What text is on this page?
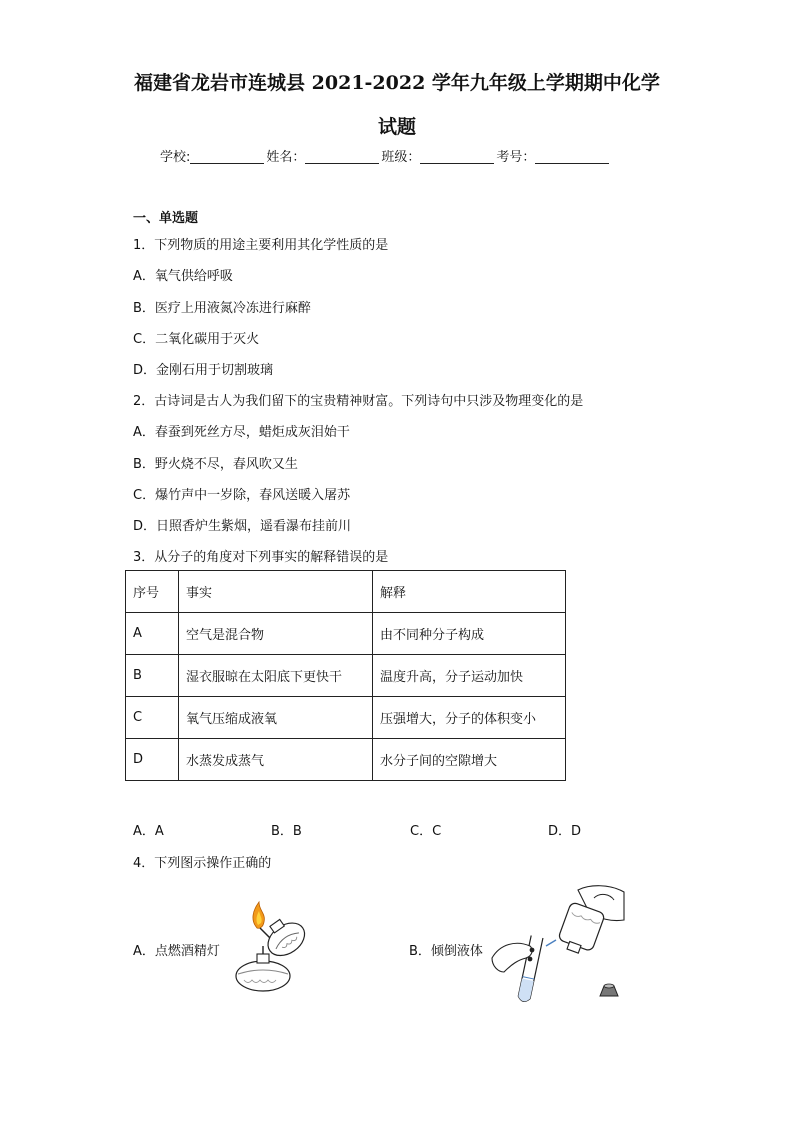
福建省龙岩市连城县 2021-2022 学年九年级上学期期中化学
试题
学校:	姓名：	班级：	考号：
一、单选题
1．下列物质的用途主要利用其化学性质的是
A．氧气供给呼吸
B．医疗上用液氮冷冻进行麻醉
C．二氧化碳用于灭火
D．金刚石用于切割玻璃
2．古诗词是古人为我们留下的宝贵精神财富。下列诗句中只涉及物理变化的是
A．春蚕到死丝方尽，蜡炬成灰泪始干
B．野火烧不尽，春风吹又生
C．爆竹声中一岁除，春风送暖入屠苏
D．日照香炉生紫烟，遥看瀑布挂前川
3．从分子的角度对下列事实的解释错误的是
序号	事实	解释
A	空气是混合物	由不同种分子构成
B	湿衣服晾在太阳底下更快干	温度升高，分子运动加快
C	氧气压缩成液氧	压强增大，分子的体积变小
D	水蒸发成蒸气	水分子间的空隙增大
A．A	B．B	C．C	D．D
4．下列图示操作正确的
A．点燃酒精灯	B．倾倒液体
